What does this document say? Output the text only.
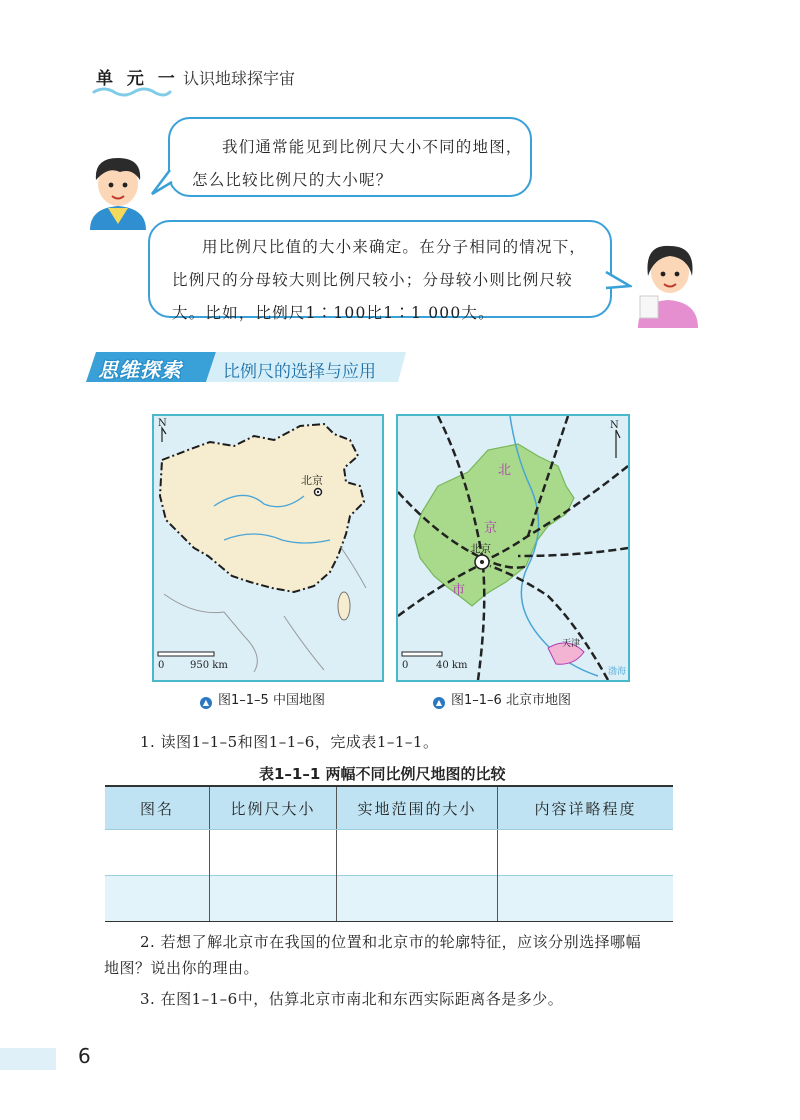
单 元 一 认识地球探宇宙

我们通常能见到比例尺大小不同的地图，
怎么比较比例尺的大小呢？

用比例尺比值的大小来确定。在分子相同的情况下，
比例尺的分母较大则比例尺较小；分母较小则比例尺较
大。比如，比例尺1∶100比1∶1 000大。

思维探索 比例尺的选择与应用
N
北京
0	950 km
▲ 图1–1–5 中国地图
N
北
京
市
北京
天津
渤海
0	40 km
▲ 图1–1–6 北京市地图
1. 读图1–1–5和图1–1–6，完成表1–1–1。
表1–1–1 两幅不同比例尺地图的比较
图名	比例尺大小	实地范围的大小	内容详略程度

2. 若想了解北京市在我国的位置和北京市的轮廓特征，应该分别选择哪幅
地图？说出你的理由。
3. 在图1–1–6中，估算北京市南北和东西实际距离各是多少。
6
